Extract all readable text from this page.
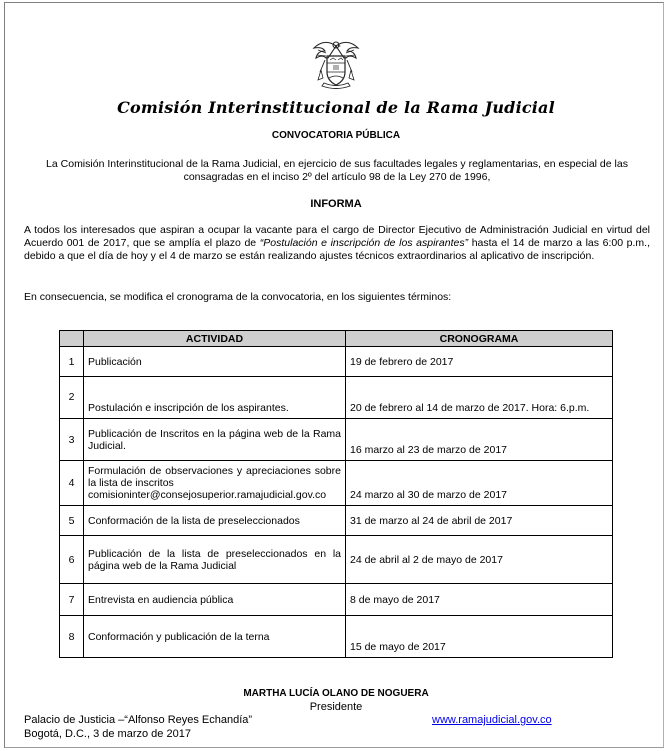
Comisión Interinstitucional de la Rama Judicial
CONVOCATORIA PÚBLICA
La Comisión Interinstitucional de la Rama Judicial, en ejercicio de sus facultades legales y reglamentarias, en especial de las consagradas en el inciso 2º del artículo 98 de la Ley 270 de 1996,
INFORMA
A todos los interesados que aspiran a ocupar la vacante para el cargo de Director Ejecutivo de Administración Judicial en virtud del Acuerdo 001 de 2017, que se amplía el plazo de “Postulación e inscripción de los aspirantes” hasta el 14 de marzo a las 6:00 p.m., debido a que el día de hoy y el 4 de marzo se están realizando ajustes técnicos extraordinarios al aplicativo de inscripción.
En consecuencia, se modifica el cronograma de la convocatoria, en los siguientes términos:
	ACTIVIDAD	CRONOGRAMA
1	Publicación	19 de febrero de 2017
2	Postulación e inscripción de los aspirantes.	20 de febrero al 14 de marzo de 2017. Hora: 6.p.m.
3	Publicación de Inscritos en la página web de la Rama Judicial.	16 marzo al 23 de marzo de 2017
4	Formulación de observaciones y apreciaciones sobre la lista de inscritos
comisioninter@consejosuperior.ramajudicial.gov.co	24 marzo al 30 de marzo de 2017
5	Conformación de la lista de preseleccionados	31 de marzo al 24 de abril de 2017
6	Publicación de la lista de preseleccionados en la página web de la Rama Judicial	24 de abril al 2 de mayo de 2017
7	Entrevista en audiencia pública	8 de mayo de 2017
8	Conformación y publicación de la terna	15 de mayo de 2017
MARTHA LUCÍA OLANO DE NOGUERA
Presidente
Palacio de Justicia –“Alfonso Reyes Echandía”
Bogotá, D.C., 3 de marzo de 2017
www.ramajudicial.gov.co
